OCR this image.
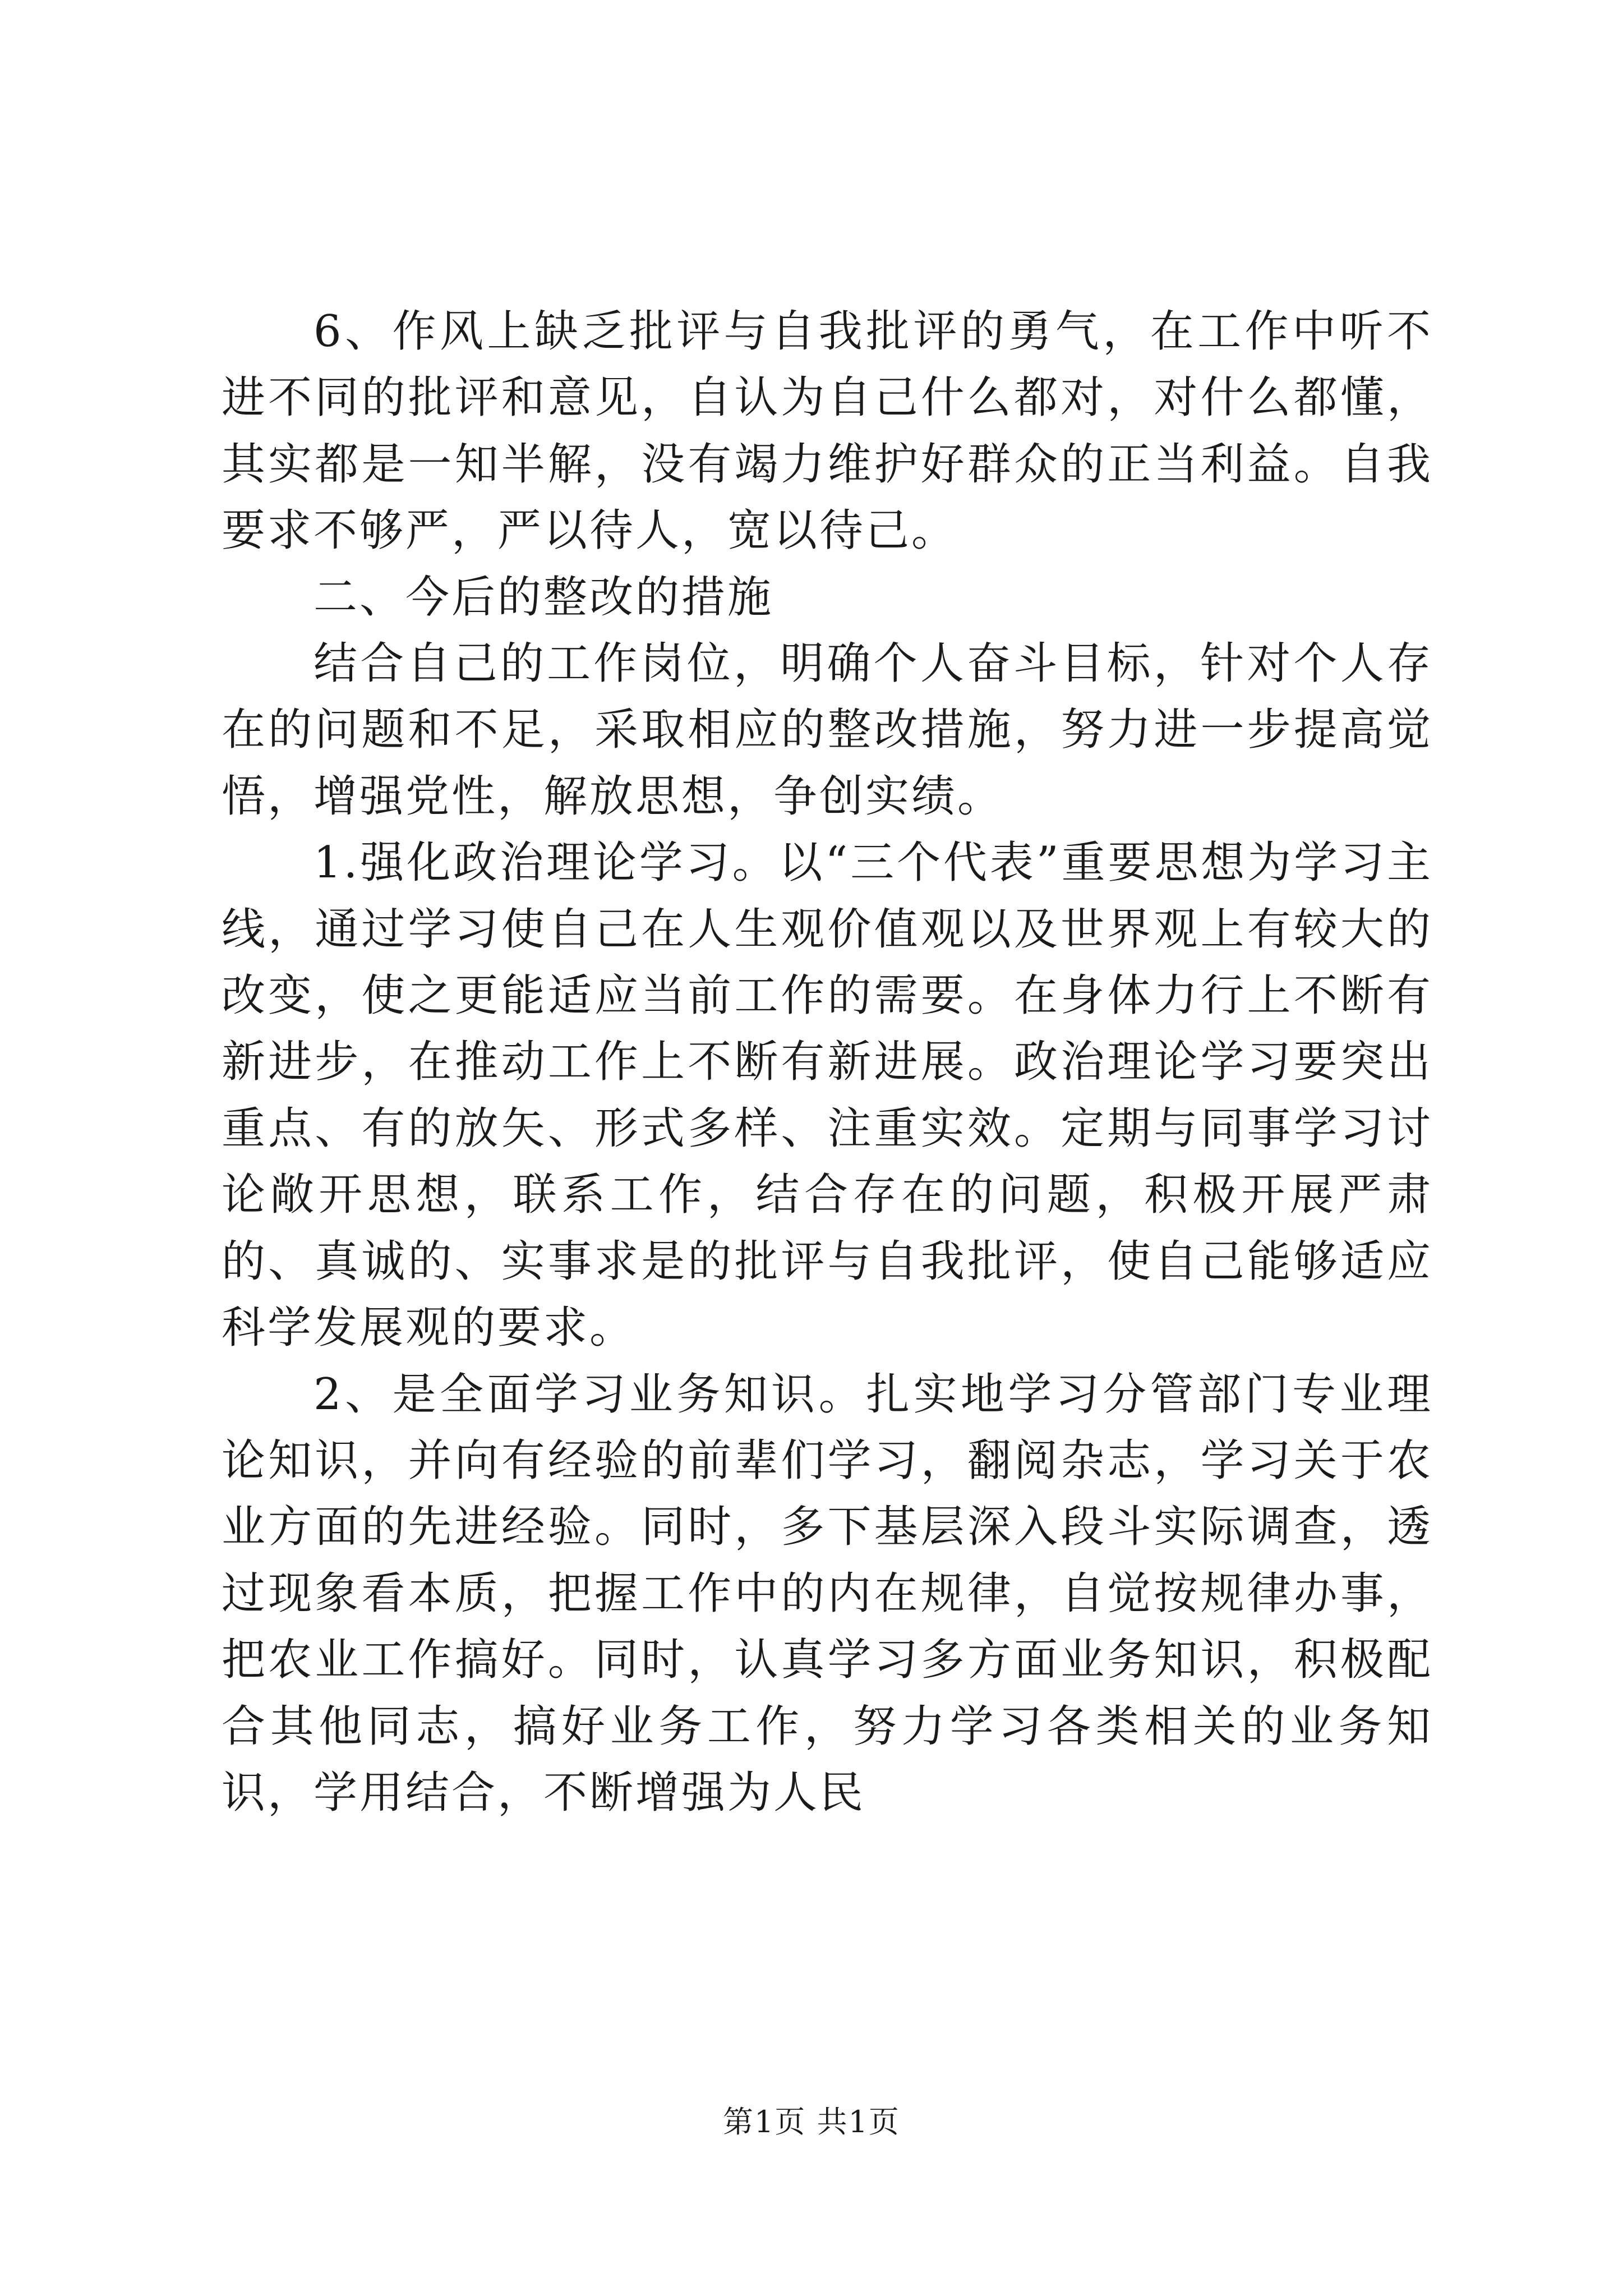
6、作风上缺乏批评与自我批评的勇气，在工作中听不进不同的批评和意见，自认为自己什么都对，对什么都懂，其实都是一知半解，没有竭力维护好群众的正当利益。自我要求不够严，严以待人，宽以待己。

二、今后的整改的措施

结合自己的工作岗位，明确个人奋斗目标，针对个人存在的问题和不足，采取相应的整改措施，努力进一步提高觉悟，增强党性，解放思想，争创实绩。

1.强化政治理论学习。以“三个代表”重要思想为学习主线，通过学习使自己在人生观价值观以及世界观上有较大的改变，使之更能适应当前工作的需要。在身体力行上不断有新进步，在推动工作上不断有新进展。政治理论学习要突出重点、有的放矢、形式多样、注重实效。定期与同事学习讨论敞开思想，联系工作，结合存在的问题，积极开展严肃的、真诚的、实事求是的批评与自我批评，使自己能够适应科学发展观的要求。

2、是全面学习业务知识。扎实地学习分管部门专业理论知识，并向有经验的前辈们学习，翻阅杂志，学习关于农业方面的先进经验。同时，多下基层深入段斗实际调查，透过现象看本质，把握工作中的内在规律，自觉按规律办事，把农业工作搞好。同时，认真学习多方面业务知识，积极配合其他同志，搞好业务工作，努力学习各类相关的业务知识，学用结合，不断增强为人民

第1页 共1页
